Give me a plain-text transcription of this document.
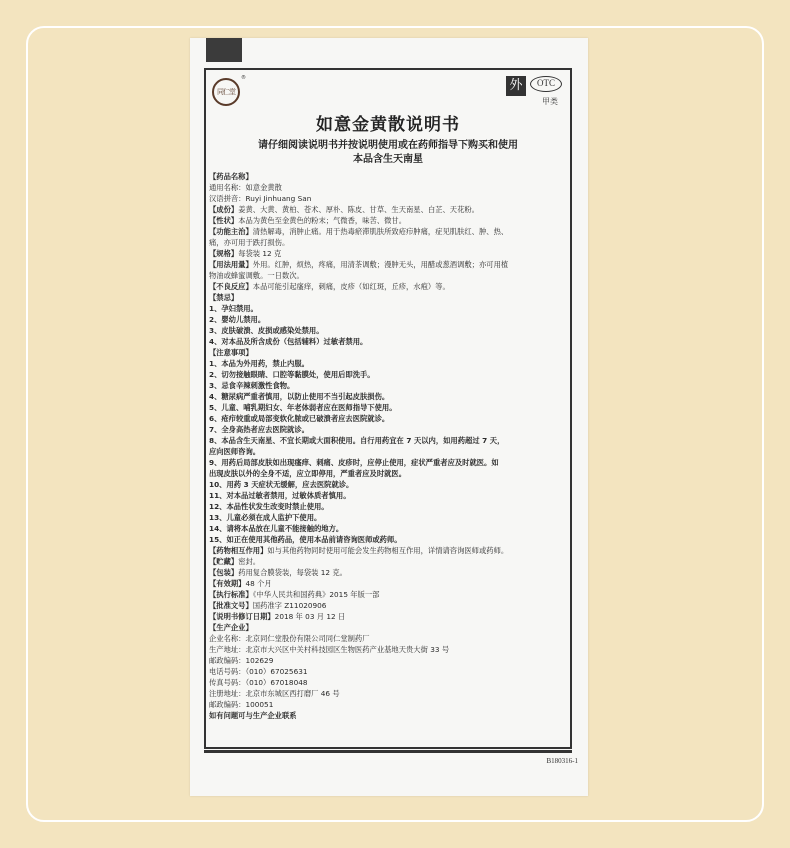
同仁堂
®	外	OTC
甲类
如意金黄散说明书
请仔细阅读说明书并按说明使用或在药师指导下购买和使用
本品含生天南星
【药品名称】
通用名称：如意金黄散
汉语拼音：Ruyi Jinhuang San
【成份】姜黄、大黄、黄柏、苍术、厚朴、陈皮、甘草、生天南星、白芷、天花粉。
【性状】本品为黄色至金黄色的粉末；气微香，味苦、微甘。
【功能主治】清热解毒，消肿止痛。用于热毒瘀滞肌肤所致疮疖肿痛，症见肌肤红、肿、热、
痛，亦可用于跌打损伤。
【规格】每袋装 12 克
【用法用量】外用。红肿，烦热，疼痛，用清茶调敷；漫肿无头，用醋或葱酒调敷；亦可用植
物油或蜂蜜调敷。一日数次。
【不良反应】本品可能引起瘙痒，刺痛，皮疹（如红斑，丘疹，水疱）等。
【禁忌】
1、孕妇禁用。
2、婴幼儿禁用。
3、皮肤破溃、皮损或感染处禁用。
4、对本品及所含成份（包括辅料）过敏者禁用。
【注意事项】
1、本品为外用药，禁止内服。
2、切勿接触眼睛、口腔等黏膜处，使用后即洗手。
3、忌食辛辣刺激性食物。
4、糖尿病严重者慎用，以防止使用不当引起皮肤损伤。
5、儿童、哺乳期妇女、年老体弱者应在医师指导下使用。
6、疮疖较重或局部变软化脓或已破溃者应去医院就诊。
7、全身高热者应去医院就诊。
8、本品含生天南星、不宜长期或大面积使用。自行用药宜在 7 天以内，如用药超过 7 天，
应向医师咨询。
9、用药后局部皮肤如出现瘙痒、刺痛、皮疹时，应停止使用，症状严重者应及时就医。如
出现皮肤以外的全身不适，应立即停用，严重者应及时就医。
10、用药 3 天症状无缓解，应去医院就诊。
11、对本品过敏者禁用，过敏体质者慎用。
12、本品性状发生改变时禁止使用。
13、儿童必须在成人监护下使用。
14、请将本品放在儿童不能接触的地方。
15、如正在使用其他药品，使用本品前请咨询医师或药师。
【药物相互作用】如与其他药物同时使用可能会发生药物相互作用，详情请咨询医师或药师。
【贮藏】密封。
【包装】药用复合膜袋装，每袋装 12 克。
【有效期】48 个月
【执行标准】《中华人民共和国药典》2015 年版一部
【批准文号】国药准字 Z11020906
【说明书修订日期】2018 年 03 月 12 日
【生产企业】
企业名称：北京同仁堂股份有限公司同仁堂制药厂
生产地址：北京市大兴区中关村科技园区生物医药产业基地天贵大街 33 号
邮政编码：102629
电话号码：（010）67025631
传真号码：（010）67018048
注册地址：北京市东城区西打磨厂 46 号
邮政编码：100051
如有问题可与生产企业联系
B180316-1
